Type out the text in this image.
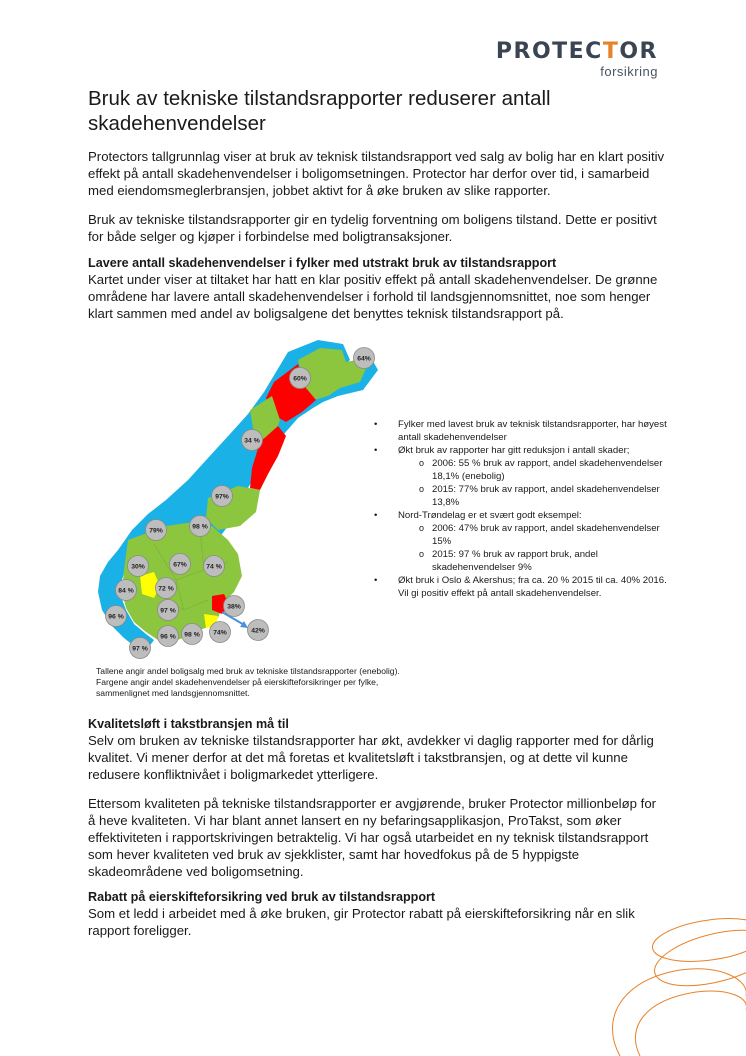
PROTECTOR
forsikring
Bruk av tekniske tilstandsrapporter reduserer antall skadehenvendelser

Protectors tallgrunnlag viser at bruk av teknisk tilstandsrapport ved salg av bolig har en klart positiv effekt på antall skadehenvendelser i boligomsetningen. Protector har derfor over tid, i samarbeid med eiendomsmeglerbransjen, jobbet aktivt for å øke bruken av slike rapporter.

Bruk av tekniske tilstandsrapporter gir en tydelig forventning om boligens tilstand. Dette er positivt for både selger og kjøper i forbindelse med boligtransaksjoner.

Lavere antall skadehenvendelser i fylker med utstrakt bruk av tilstandsrapport

Kartet under viser at tiltaket har hatt en klar positiv effekt på antall skadehenvendelser. De grønne områdene har lavere antall skadehenvendelser i forhold til landsgjennomsnittet, noe som henger klart sammen med andel av boligsalgene det benyttes teknisk tilstandsrapport på.

64%
60%
34 %
97%
79%
98 %
30%	67%	74 %
84 %	72 %
97 %
38%
96 %
96 % 98 % 74%	42%
97 %
Tallene angir andel boligsalg med bruk av tekniske tilstandsrapporter (enebolig). Fargene angir andel skadehenvendelser på eierskifteforsikringer per fylke, sammenlignet med landsgjennomsnittet.
• Fylker med lavest bruk av teknisk tilstandsrapporter, har høyest antall skadehenvendelser
• Økt bruk av rapporter har gitt reduksjon i antall skader;
o 2006: 55 % bruk av rapport, andel skadehenvendelser 18,1% (enebolig)
o 2015: 77% bruk av rapport, andel skadehenvendelser 13,8%
• Nord-Trøndelag er et svært godt eksempel:
o 2006: 47% bruk av rapport, andel skadehenvendelser 15%
o 2015: 97 % bruk av rapport bruk, andel skadehenvendelser 9%
• Økt bruk i Oslo & Akershus; fra ca. 20 % 2015 til ca. 40% 2016. Vil gi positiv effekt på antall skadehenvendelser.

Kvalitetsløft i takstbransjen må til

Selv om bruken av tekniske tilstandsrapporter har økt, avdekker vi daglig rapporter med for dårlig kvalitet. Vi mener derfor at det må foretas et kvalitetsløft i takstbransjen, og at dette vil kunne redusere konfliktnivået i boligmarkedet ytterligere.

Ettersom kvaliteten på tekniske tilstandsrapporter er avgjørende, bruker Protector millionbeløp for å heve kvaliteten. Vi har blant annet lansert en ny befaringsapplikasjon, ProTakst, som øker effektiviteten i rapportskrivingen betraktelig. Vi har også utarbeidet en ny teknisk tilstandsrapport som hever kvaliteten ved bruk av sjekklister, samt har hovedfokus på de 5 hyppigste skadeområdene ved boligomsetning.

Rabatt på eierskifteforsikring ved bruk av tilstandsrapport

Som et ledd i arbeidet med å øke bruken, gir Protector rabatt på eierskifteforsikring når en slik rapport foreligger.
